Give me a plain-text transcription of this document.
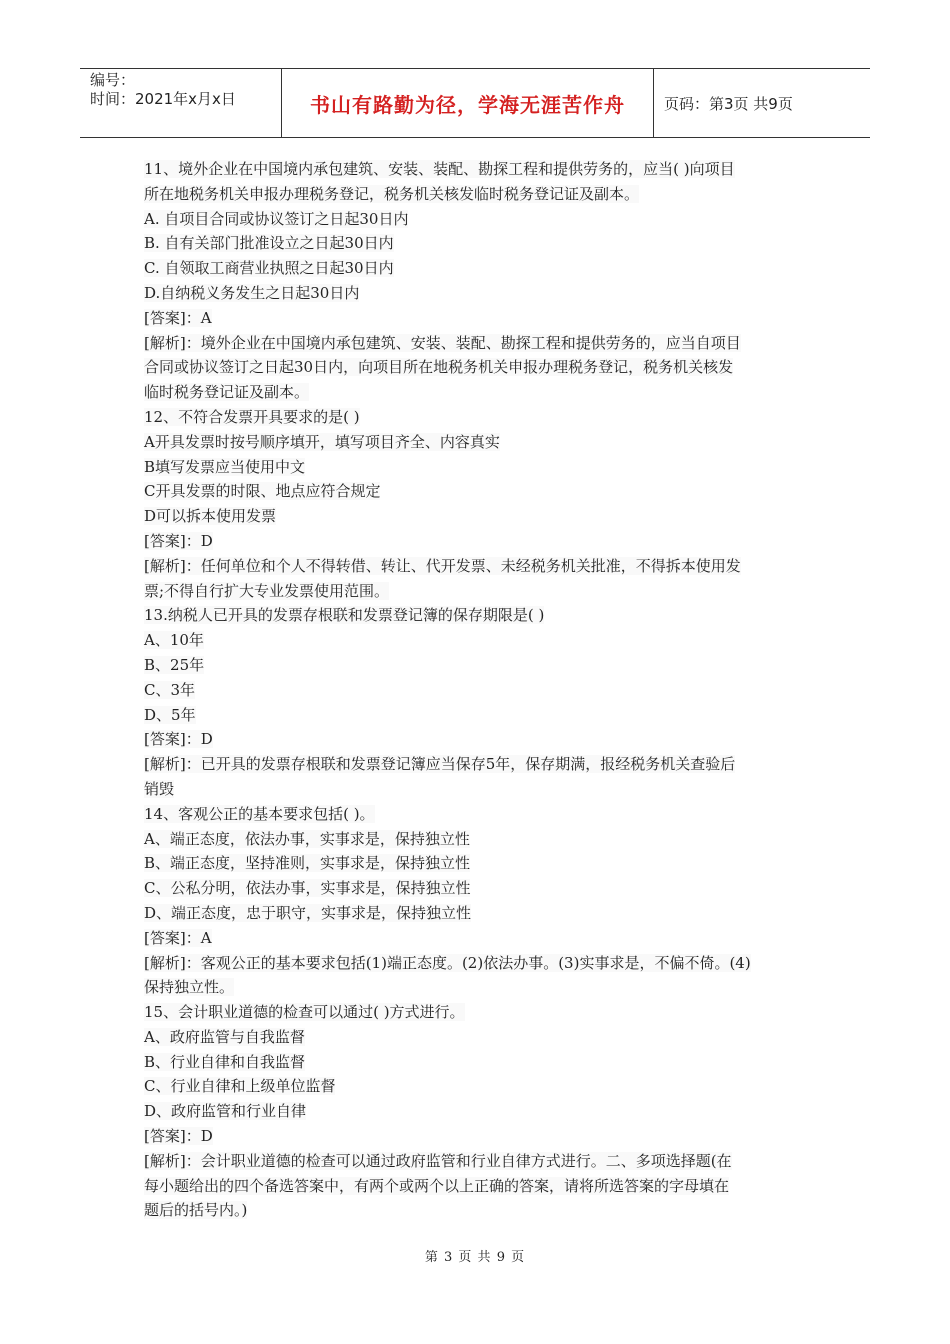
编号：
时间：2021年x月x日	书山有路勤为径，学海无涯苦作舟	页码：第3页 共9页
11、境外企业在中国境内承包建筑、安装、装配、勘探工程和提供劳务的，应当( )向项目
所在地税务机关申报办理税务登记，税务机关核发临时税务登记证及副本。
A. 自项目合同或协议签订之日起30日内
B. 自有关部门批准设立之日起30日内
C. 自领取工商营业执照之日起30日内
D.自纳税义务发生之日起30日内
[答案]：A
[解析]：境外企业在中国境内承包建筑、安装、装配、勘探工程和提供劳务的，应当自项目
合同或协议签订之日起30日内，向项目所在地税务机关申报办理税务登记，税务机关核发
临时税务登记证及副本。
12、不符合发票开具要求的是( )
A开具发票时按号顺序填开，填写项目齐全、内容真实
B填写发票应当使用中文
C开具发票的时限、地点应符合规定
D可以拆本使用发票
[答案]：D
[解析]：任何单位和个人不得转借、转让、代开发票、未经税务机关批准，不得拆本使用发
票;不得自行扩大专业发票使用范围。
13.纳税人已开具的发票存根联和发票登记簿的保存期限是( )
A、10年
B、25年
C、3年
D、5年
[答案]：D
[解析]：已开具的发票存根联和发票登记簿应当保存5年，保存期满，报经税务机关查验后
销毁
14、客观公正的基本要求包括( )。
A、端正态度，依法办事，实事求是，保持独立性
B、端正态度，坚持准则，实事求是，保持独立性
C、公私分明，依法办事，实事求是，保持独立性
D、端正态度，忠于职守，实事求是，保持独立性
[答案]：A
[解析]：客观公正的基本要求包括(1)端正态度。(2)依法办事。(3)实事求是，不偏不倚。(4)
保持独立性。
15、会计职业道德的检查可以通过( )方式进行。
A、政府监管与自我监督
B、行业自律和自我监督
C、行业自律和上级单位监督
D、政府监管和行业自律
[答案]：D
[解析]：会计职业道德的检查可以通过政府监管和行业自律方式进行。二、多项选择题(在
每小题给出的四个备选答案中，有两个或两个以上正确的答案，请将所选答案的字母填在
题后的括号内。)
第 3 页 共 9 页
